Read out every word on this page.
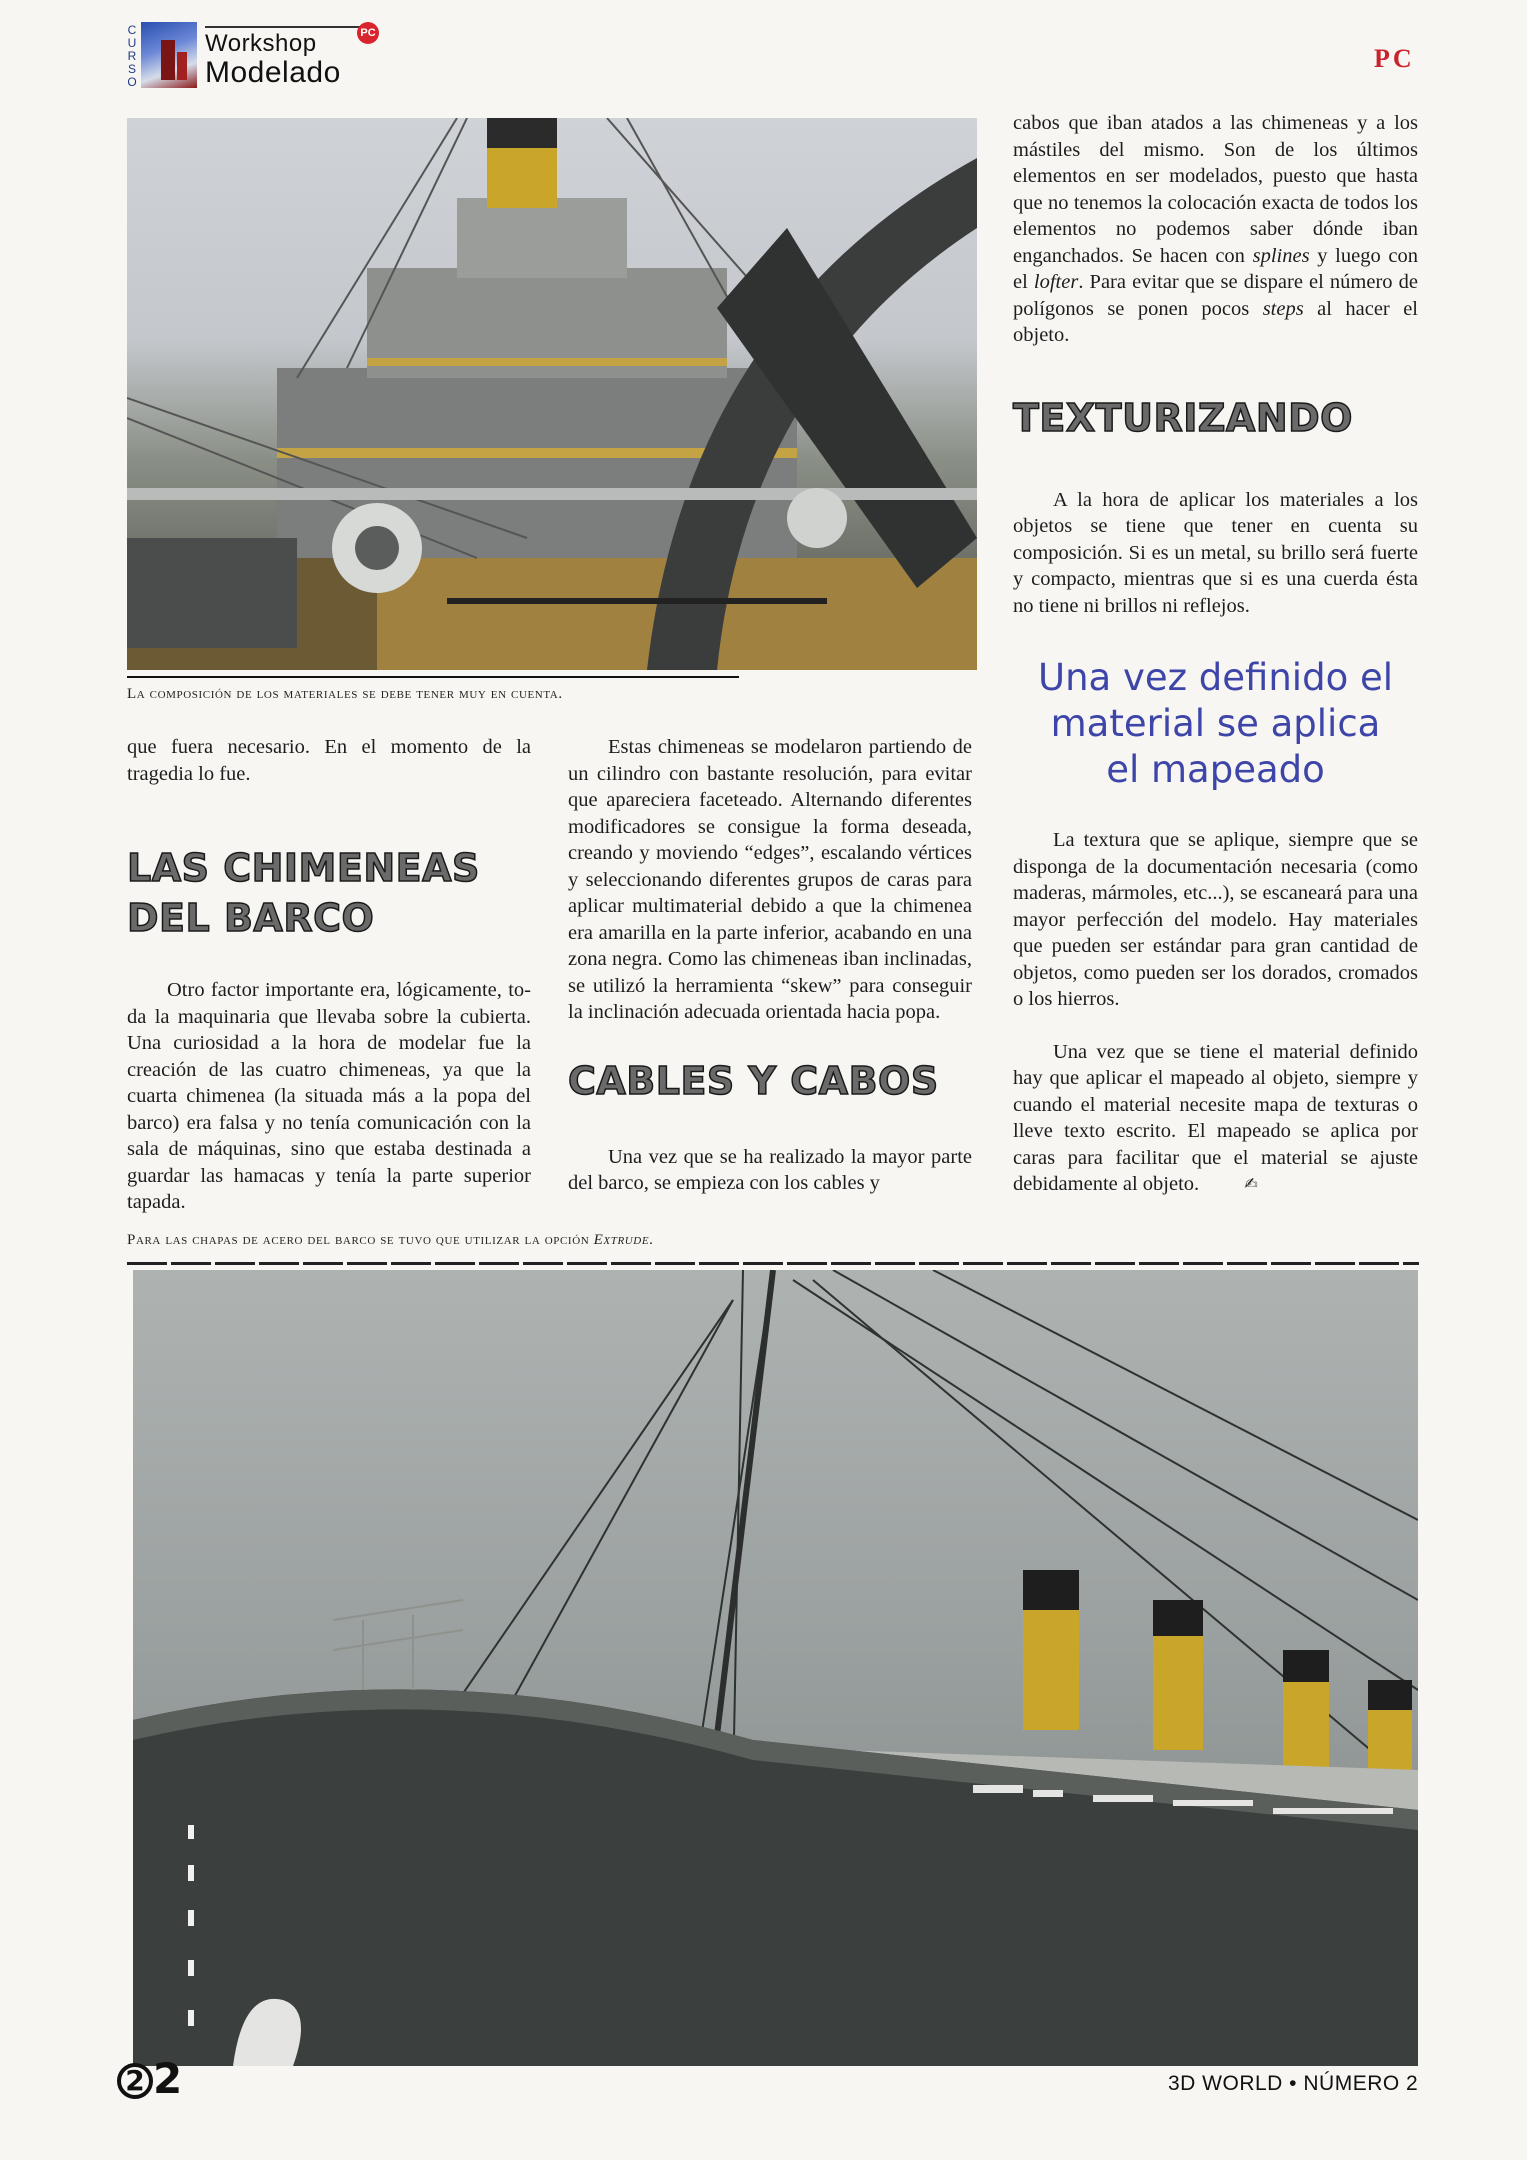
C U R S O
Workshop
Modelado
PC
PC
La composición de los materiales se debe tener muy en cuenta.

que fuera necesario. En el momento de la tragedia lo fue.

LAS CHIMENEAS
DEL BARCO

Otro factor importante era, lógicamente, to-da la maquinaria que llevaba sobre la cubierta. Una curiosidad a la hora de modelar fue la creación de las cuatro chimeneas, ya que la cuarta chimenea (la situada más a la popa del barco) era falsa y no tenía comunicación con la sala de máquinas, sino que estaba destinada a guardar las hamacas y tenía la parte superior tapada.

Estas chimeneas se modelaron partiendo de un cilindro con bastante resolución, para evitar que apareciera faceteado. Alternando diferentes modificadores se consigue la forma deseada, creando y moviendo “edges”, escalando vértices y seleccionando diferentes grupos de caras para aplicar multimaterial debido a que la chimenea era amarilla en la parte inferior, acabando en una zona negra. Como las chimeneas iban inclinadas, se utilizó la herramienta “skew” para conseguir la inclinación adecuada orientada hacia popa.

CABLES Y CABOS

Una vez que se ha realizado la mayor parte del barco, se empieza con los cables y

cabos que iban atados a las chimeneas y a los mástiles del mismo. Son de los últimos elementos en ser modelados, puesto que hasta que no tenemos la colocación exacta de todos los elementos no podemos saber dónde iban enganchados. Se hacen con splines y luego con el lofter. Para evitar que se dispare el número de polígonos se ponen pocos steps al hacer el objeto.

TEXTURIZANDO

A la hora de aplicar los materiales a los objetos se tiene que tener en cuenta su composición. Si es un metal, su brillo será fuerte y compacto, mientras que si es una cuerda ésta no tiene ni brillos ni reflejos.

Una vez definido el
material se aplica
el mapeado

La textura que se aplique, siempre que se disponga de la documentación necesaria (como maderas, mármoles, etc...), se escaneará para una mayor perfección del modelo. Hay materiales que pueden ser estándar para gran cantidad de objetos, como pueden ser los dorados, cromados o los hierros.

Una vez que se tiene el material definido hay que aplicar el mapeado al objeto, siempre y cuando el material necesite mapa de texturas o lleve texto escrito. El mapeado se aplica por caras para facilitar que el material se ajuste debidamente al objeto.	✍

Para las chapas de acero del barco se tuvo que utilizar la opción Extrude.
2 2	3D WORLD • NÚMERO 2
